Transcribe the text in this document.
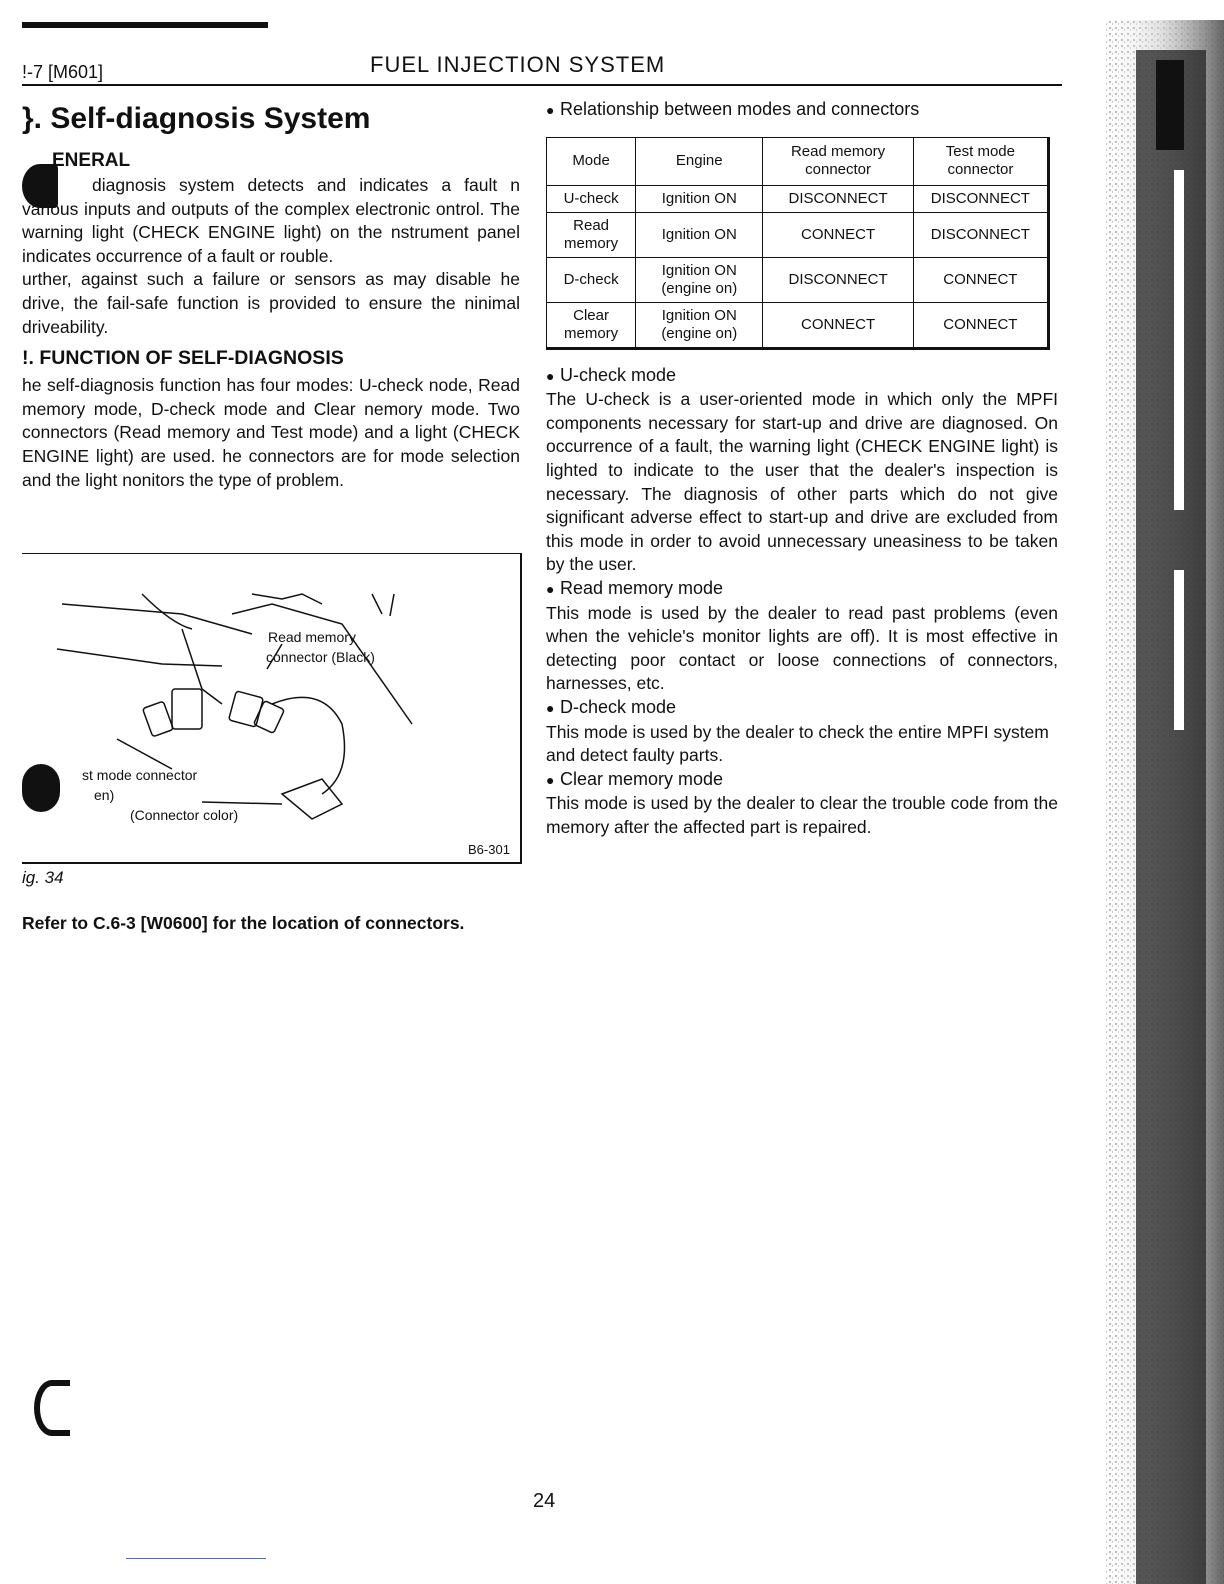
!-7 [M601]	FUEL INJECTION SYSTEM
}. Self-diagnosis System
ENERAL

diagnosis system detects and indicates a fault n various inputs and outputs of the complex electronic ontrol. The warning light (CHECK ENGINE light) on the nstrument panel indicates occurrence of a fault or rouble.

urther, against such a failure or sensors as may disable he drive, the fail-safe function is provided to ensure the ninimal driveability.

!. FUNCTION OF SELF-DIAGNOSIS

he self-diagnosis function has four modes: U-check node, Read memory mode, D-check mode and Clear nemory mode. Two connectors (Read memory and Test mode) and a light (CHECK ENGINE light) are used. he connectors are for mode selection and the light nonitors the type of problem.

Read memory
connector (Black)
st mode connector
en)
(Connector color)
B6-301
ig. 34
Refer to C.6-3 [W0600] for the location of connectors.

● Relationship between modes and connectors

Mode	Engine	Read memory connector	Test mode connector
U-check	Ignition ON	DISCONNECT	DISCONNECT
Read memory	Ignition ON	CONNECT	DISCONNECT
D-check	Ignition ON (engine on)	DISCONNECT	CONNECT
Clear memory	Ignition ON (engine on)	CONNECT	CONNECT

● U-check mode

The U-check is a user-oriented mode in which only the MPFI components necessary for start-up and drive are diagnosed. On occurrence of a fault, the warning light (CHECK ENGINE light) is lighted to indicate to the user that the dealer's inspection is necessary. The diagnosis of other parts which do not give significant adverse effect to start-up and drive are excluded from this mode in order to avoid unnecessary uneasiness to be taken by the user.

● Read memory mode

This mode is used by the dealer to read past problems (even when the vehicle's monitor lights are off). It is most effective in detecting poor contact or loose connections of connectors, harnesses, etc.

● D-check mode

This mode is used by the dealer to check the entire MPFI system and detect faulty parts.

● Clear memory mode

This mode is used by the dealer to clear the trouble code from the memory after the affected part is repaired.

24
